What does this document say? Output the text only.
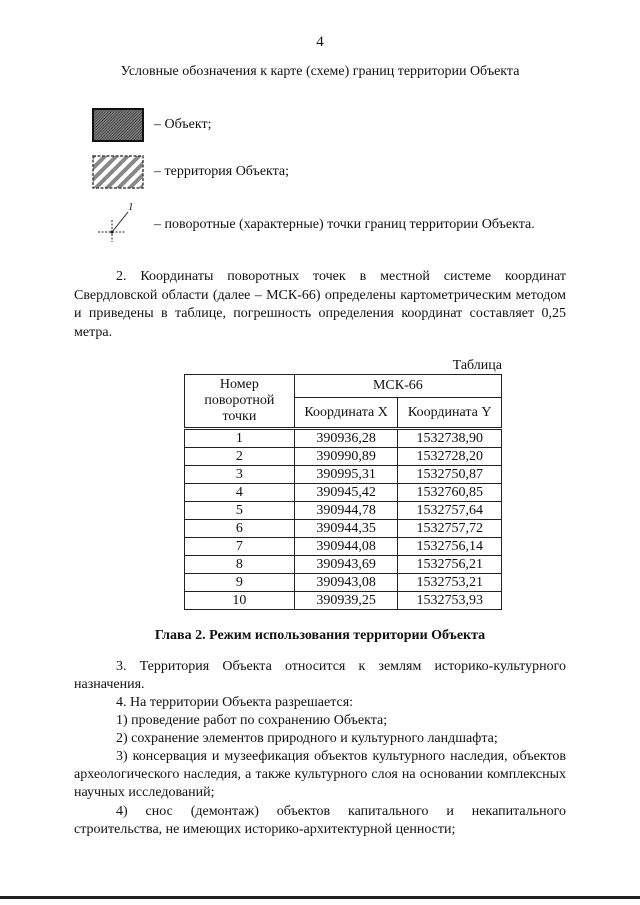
4
Условные обозначения к карте (схеме) границ территории Объекта
– Объект;
– территория Объекта;
1
– поворотные (характерные) точки границ территории Объекта.
2. Координаты поворотных точек в местной системе координат Свердловской области (далее – МСК-66) определены картометрическим методом и приведены в таблице, погрешность определения координат составляет 0,25 метра.
Таблица
Номер поворотной точки	МСК-66	
	Координата X	Координата Y
1	390936,28	1532738,90
2	390990,89	1532728,20
3	390995,31	1532750,87
4	390945,42	1532760,85
5	390944,78	1532757,64
6	390944,35	1532757,72
7	390944,08	1532756,14
8	390943,69	1532756,21
9	390943,08	1532753,21
10	390939,25	1532753,93
Глава 2. Режим использования территории Объекта
3. Территория Объекта относится к землям историко-культурного назначения.
4. На территории Объекта разрешается:
1) проведение работ по сохранению Объекта;
2) сохранение элементов природного и культурного ландшафта;
3) консервация и музеефикация объектов культурного наследия, объектов археологического наследия, а также культурного слоя на основании комплексных научных исследований;
4) снос (демонтаж) объектов капитального и некапитального строительства, не имеющих историко-архитектурной ценности;
